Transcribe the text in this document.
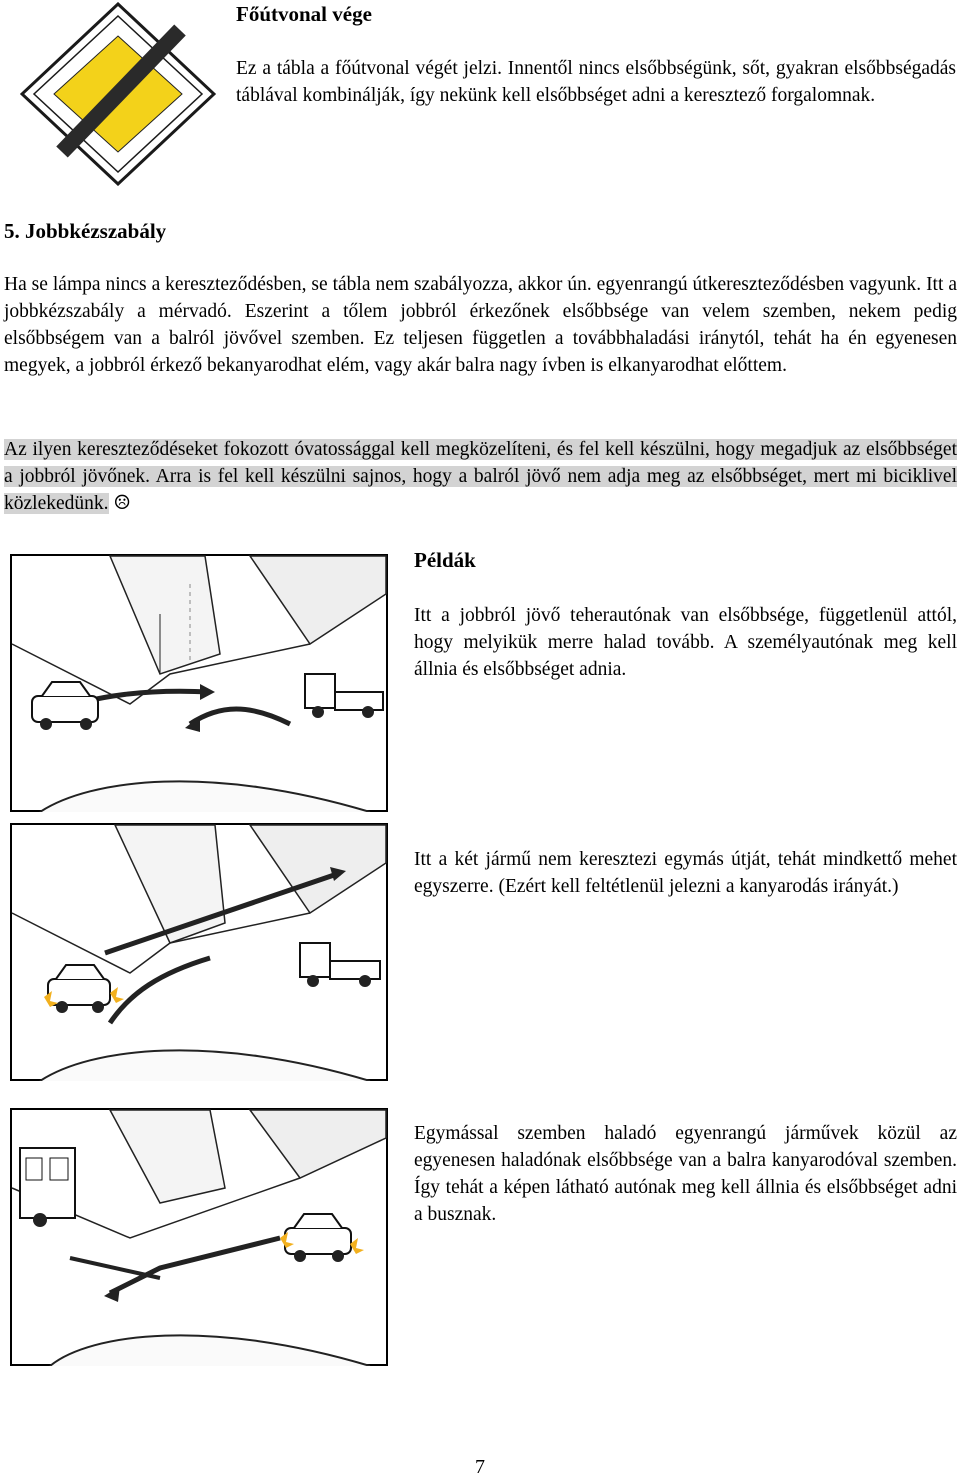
Főútvonal vége
Ez a tábla a főútvonal végét jelzi. Innentől nincs elsőbbségünk, sőt, gyakran elsőbbségadás táblával kombinálják, így nekünk kell elsőbbséget adni a keresztező forgalomnak.
5. Jobbkézszabály
Ha se lámpa nincs a kereszteződésben, se tábla nem szabályozza, akkor ún. egyenrangú útkereszteződésben vagyunk. Itt a jobbkézszabály a mérvadó. Eszerint a tőlem jobbról érkezőnek elsőbbsége van velem szemben, nekem pedig elsőbbségem van a balról jövővel szemben. Ez teljesen független a továbbhaladási iránytól, tehát ha én egyenesen megyek, a jobbról érkező bekanyarodhat elém, vagy akár balra nagy ívben is elkanyarodhat előttem.
Az ilyen kereszteződéseket fokozott óvatossággal kell megközelíteni, és fel kell készülni, hogy megadjuk az elsőbbséget a jobbról jövőnek. Arra is fel kell készülni sajnos, hogy a balról jövő nem adja meg az elsőbbséget, mert mi biciklivel közlekedünk. ☹
Példák
Itt a jobbról jövő teherautónak van elsőbbsége, függetlenül attól, hogy melyikük merre halad tovább. A személyautónak meg kell állnia és elsőbbséget adnia.
Itt a két jármű nem keresztezi egymás útját, tehát mindkettő mehet egyszerre. (Ezért kell feltétlenül jelezni a kanyarodás irányát.)
Egymással szemben haladó egyenrangú járművek közül az egyenesen haladónak elsőbbsége van a balra kanyarodóval szemben. Így tehát a képen látható autónak meg kell állnia és elsőbbséget adni a busznak.
7
